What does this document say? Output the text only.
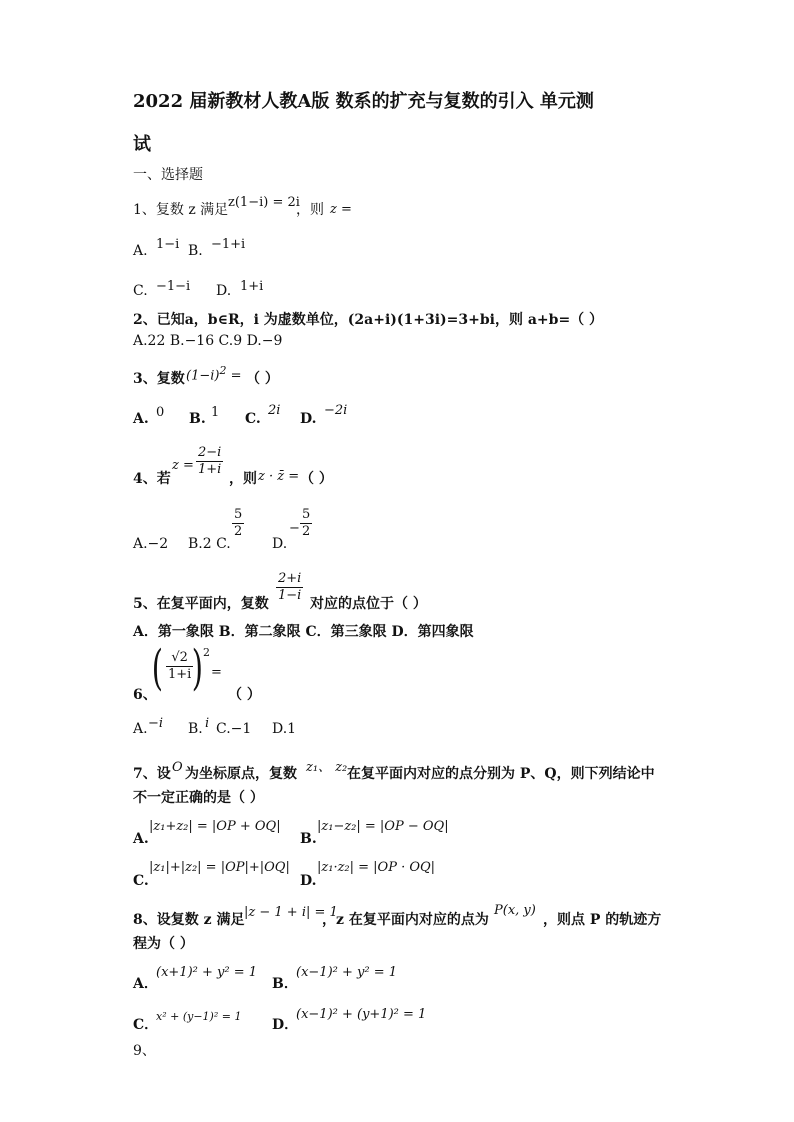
2022 届新教材人教A版 数系的扩充与复数的引入 单元测
试
一、选择题
1、复数 z 满足 z(1−i) = 2i
，则 z =
A. 1−i B. −1+i
C. −1−i D. 1+i
2、已知a，b∈R，i 为虚数单位，(2a+i)(1+3i)=3+bi，则 a+b=（ ）
A.22 B.−16 C.9 D.−9
3、复数 $(1-i)^2$ = （ ）
A. 0 B. 1 C.
2i
D.
−2i
4、若
z =
2−i
1+i
，则 z · z̄ = （ ）
A.−2 B.2 C.
5
2
D.
−
5
2
5、在复平面内，复数
2+i
1−i
对应的点位于（ ）
A．第一象限 B．第二象限 C．第三象限 D．第四象限
( √2
1+i ) 2
=
6、	（ ）
A. −i B. i C.−1 D.1
7、设 O 为坐标原点，复数 z₁、 z₂ 在复平面内对应的点分别为 P、Q，则下列结论中
不一定正确的是（ ）
A.
|z₁+z₂| = |OP + OQ|
B.
|z₁−z₂| = |OP − OQ|
C.
|z₁|+|z₂| = |OP|+|OQ|
D.
|z₁·z₂| = |OP · OQ|
8、设复数 z 满足 |z − 1 + i| = 1
，z 在复平面内对应的点为
P(x, y)
，则点 P 的轨迹方
程为（ ）
A．
(x+1)² + y² = 1
B．
(x−1)² + y² = 1
C．
x² + (y−1)² = 1
D．
(x−1)² + (y+1)² = 1
9、
